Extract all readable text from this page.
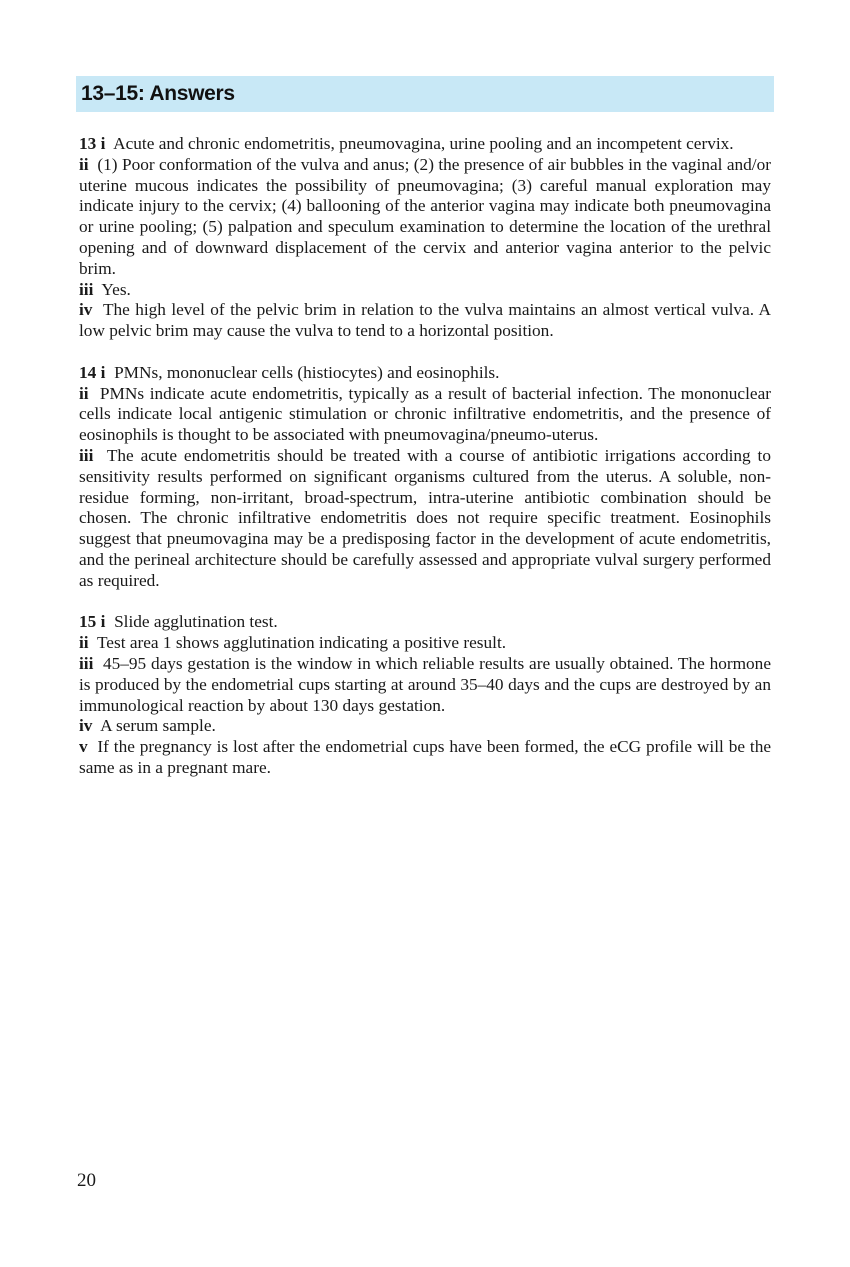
13–15: Answers

13 i Acute and chronic endometritis, pneumovagina, urine pooling and an incompetent cervix.

ii (1) Poor conformation of the vulva and anus; (2) the presence of air bubbles in the vaginal and/or uterine mucous indicates the possibility of pneumovagina; (3) careful manual exploration may indicate injury to the cervix; (4) ballooning of the anterior vagina may indicate both pneumovagina or urine pooling; (5) palpation and speculum examination to determine the location of the urethral opening and of downward displacement of the cervix and anterior vagina anterior to the pelvic brim.

iii Yes.

iv The high level of the pelvic brim in relation to the vulva maintains an almost vertical vulva. A low pelvic brim may cause the vulva to tend to a horizontal position.

14 i PMNs, mononuclear cells (histiocytes) and eosinophils.

ii PMNs indicate acute endometritis, typically as a result of bacterial infection. The mononuclear cells indicate local antigenic stimulation or chronic infiltrative endometritis, and the presence of eosinophils is thought to be associated with pneumovagina/pneumo-uterus.

iii The acute endometritis should be treated with a course of antibiotic irrigations according to sensitivity results performed on significant organisms cultured from the uterus. A soluble, non-residue forming, non-irritant, broad-spectrum, intra-uterine antibiotic combination should be chosen. The chronic infiltrative endometritis does not require specific treatment. Eosinophils suggest that pneumovagina may be a predisposing factor in the development of acute endometritis, and the perineal architecture should be carefully assessed and appropriate vulval surgery performed as required.

15 i Slide agglutination test.

ii Test area 1 shows agglutination indicating a positive result.

iii 45–95 days gestation is the window in which reliable results are usually obtained. The hormone is produced by the endometrial cups starting at around 35–40 days and the cups are destroyed by an immunological reaction by about 130 days gestation.

iv A serum sample.

v If the pregnancy is lost after the endometrial cups have been formed, the eCG profile will be the same as in a pregnant mare.

20
